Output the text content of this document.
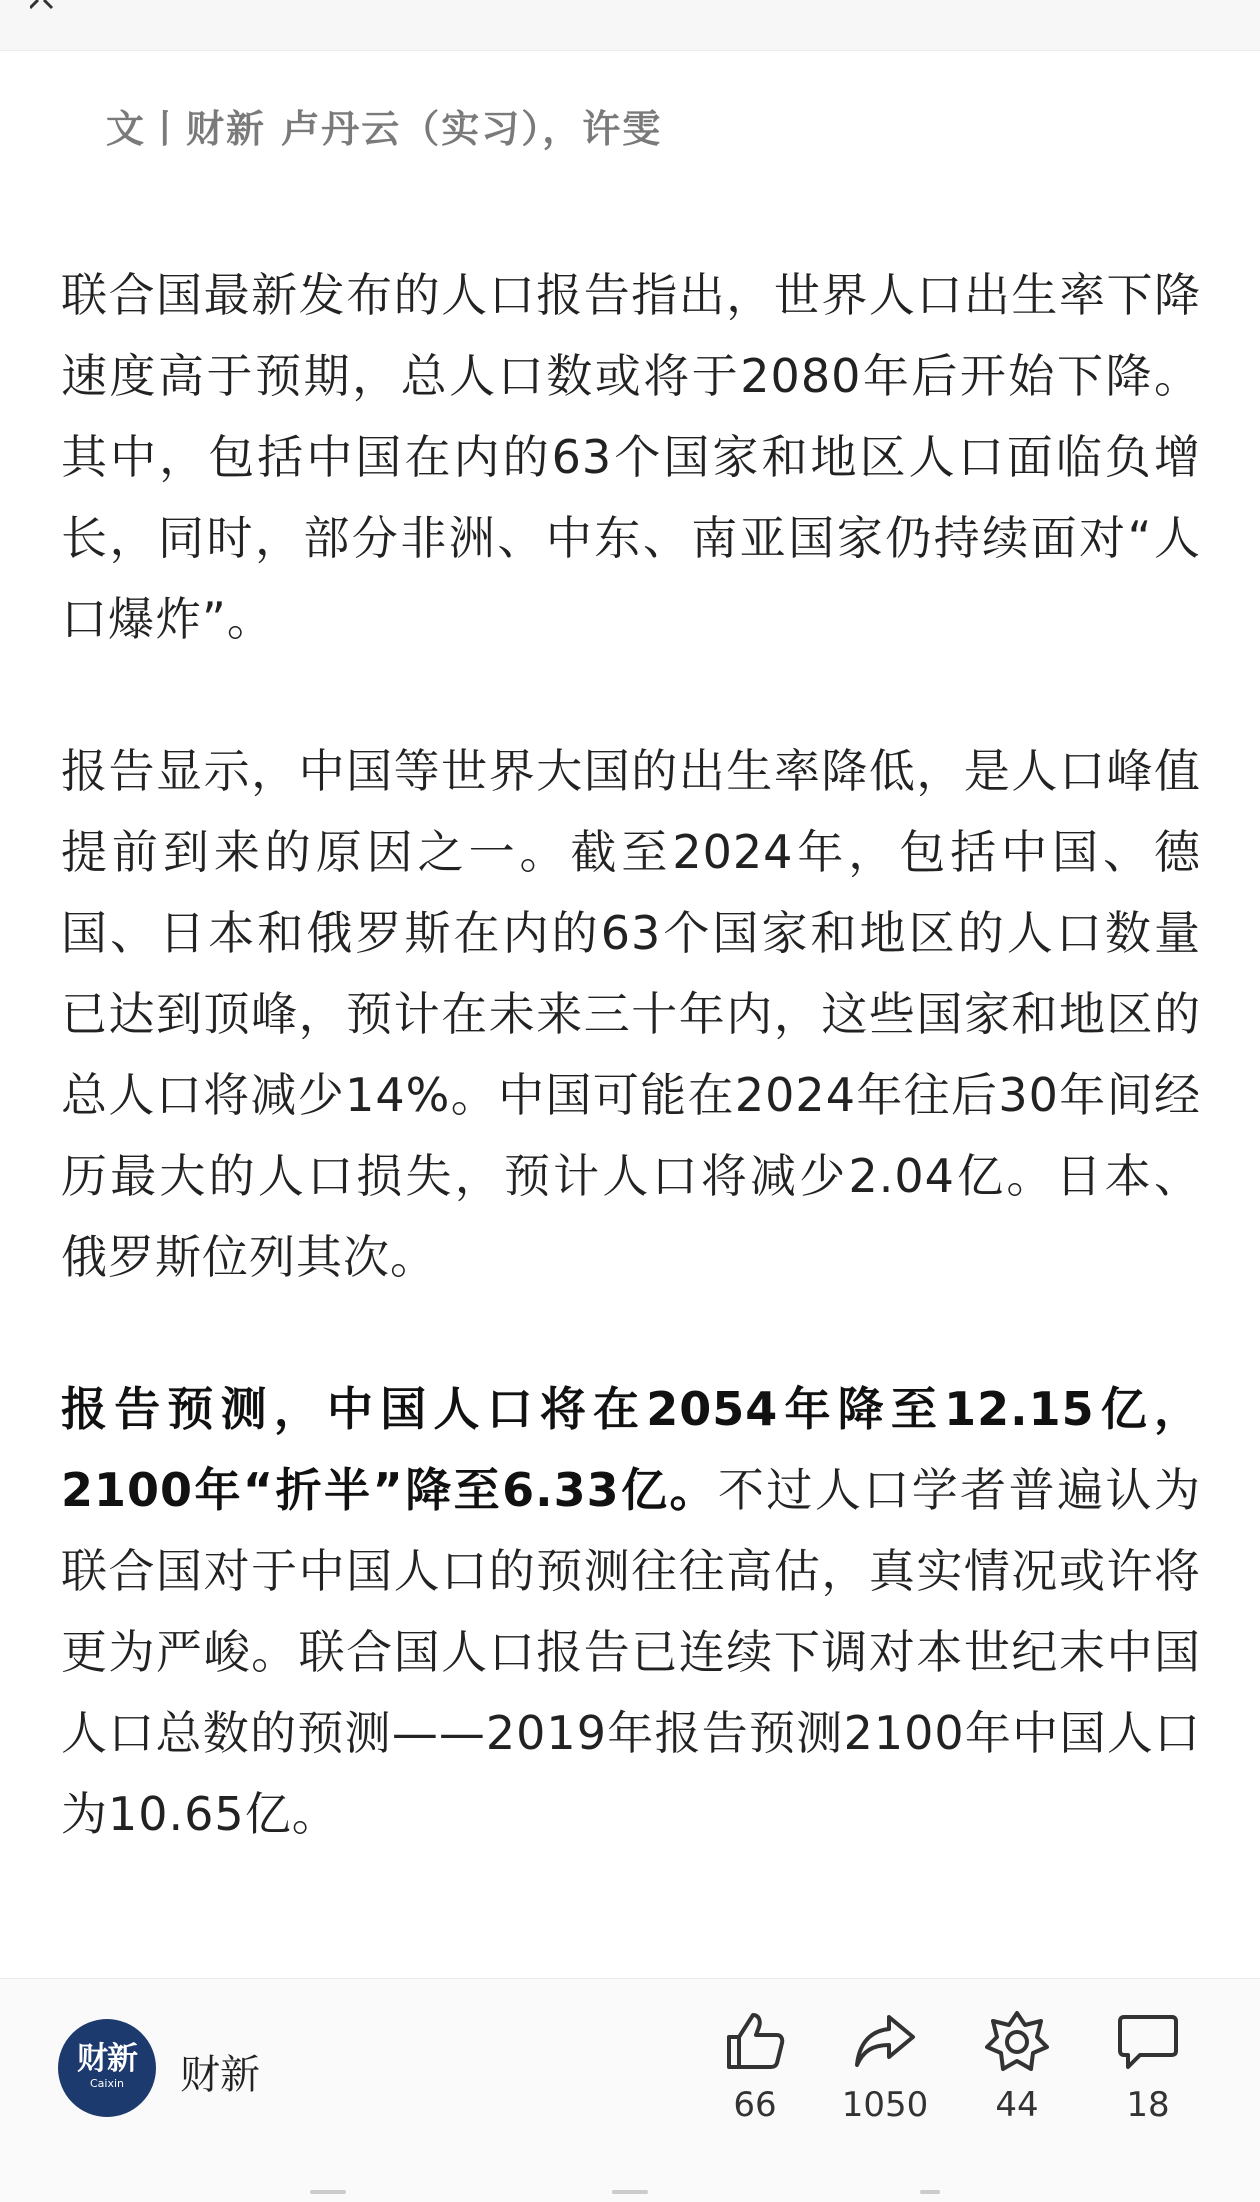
文丨财新 卢丹云（实习），许雯

联合国最新发布的人口报告指出，世界人口出生率下降速度高于预期，总人口数或将于2080年后开始下降。其中，包括中国在内的63个国家和地区人口面临负增长，同时，部分非洲、中东、南亚国家仍持续面对“人口爆炸”。

报告显示，中国等世界大国的出生率降低，是人口峰值提前到来的原因之一。截至2024年，包括中国、德国、日本和俄罗斯在内的63个国家和地区的人口数量已达到顶峰，预计在未来三十年内，这些国家和地区的总人口将减少14%。中国可能在2024年往后30年间经历最大的人口损失，预计人口将减少2.04亿。日本、俄罗斯位列其次。

报告预测，中国人口将在2054年降至12.15亿，2100年“折半”降至6.33亿。不过人口学者普遍认为联合国对于中国人口的预测往往高估，真实情况或许将更为严峻。联合国人口报告已连续下调对本世纪末中国人口总数的预测——2019年报告预测2100年中国人口为10.65亿。

财新
Caixin	财新
66	1050	44	18
